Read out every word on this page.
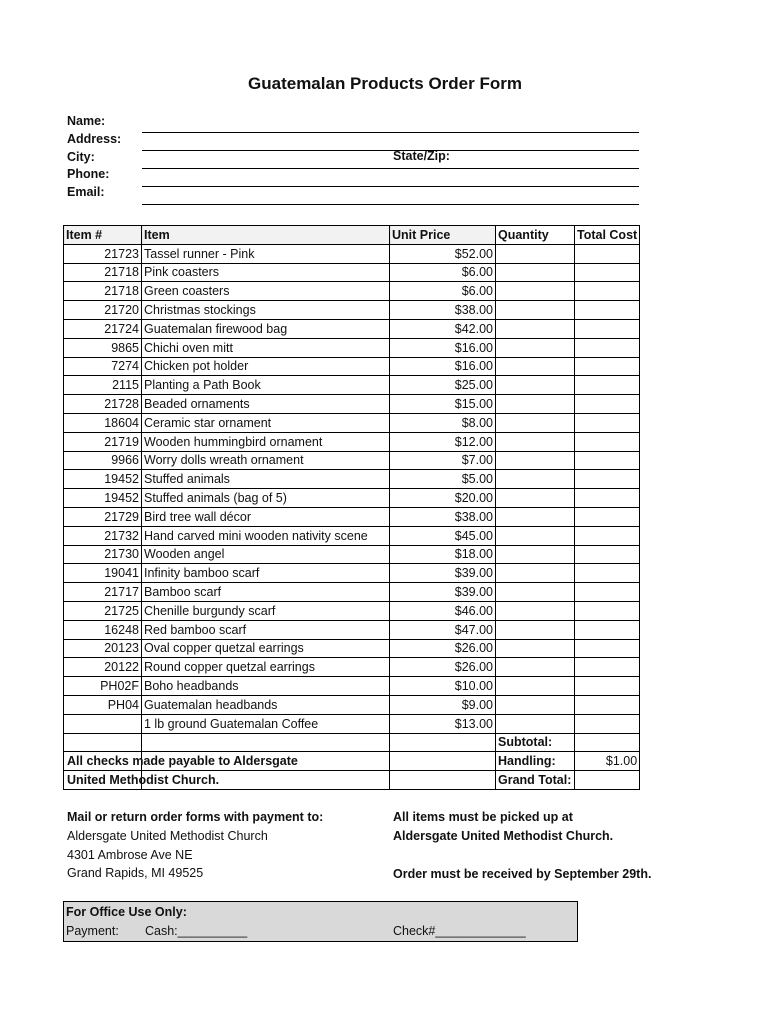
Guatemalan Products Order Form
Name:
Address:
City:
Phone:
Email:
State/Zip:
Item #	Item	Unit Price	Quantity	Total Cost
21723	Tassel runner - Pink	$52.00		
21718	Pink coasters	$6.00		
21718	Green coasters	$6.00		
21720	Christmas stockings	$38.00		
21724	Guatemalan firewood bag	$42.00		
9865	Chichi oven mitt	$16.00		
7274	Chicken pot holder	$16.00		
2115	Planting a Path Book	$25.00		
21728	Beaded ornaments	$15.00		
18604	Ceramic star ornament	$8.00		
21719	Wooden hummingbird ornament	$12.00		
9966	Worry dolls wreath ornament	$7.00		
19452	Stuffed animals	$5.00		
19452	Stuffed animals (bag of 5)	$20.00		
21729	Bird tree wall décor	$38.00		
21732	Hand carved mini wooden nativity scene	$45.00		
21730	Wooden angel	$18.00		
19041	Infinity bamboo scarf	$39.00		
21717	Bamboo scarf	$39.00		
21725	Chenille burgundy scarf	$46.00		
16248	Red bamboo scarf	$47.00		
20123	Oval copper quetzal earrings	$26.00		
20122	Round copper quetzal earrings	$26.00		
PH02F	Boho headbands	$10.00		
PH04	Guatemalan headbands	$9.00		
	1 lb ground Guatemalan Coffee	$13.00		
			Subtotal:	
			Handling:	$1.00
			Grand Total:	
All checks made payable to Aldersgate
United Methodist Church.
Mail or return order forms with payment to:
Aldersgate United Methodist Church
4301 Ambrose Ave NE
Grand Rapids, MI 49525
All items must be picked up at
Aldersgate United Methodist Church.
Order must be received by September 29th.
For Office Use Only:
Payment: Cash:__________	Check#_____________
